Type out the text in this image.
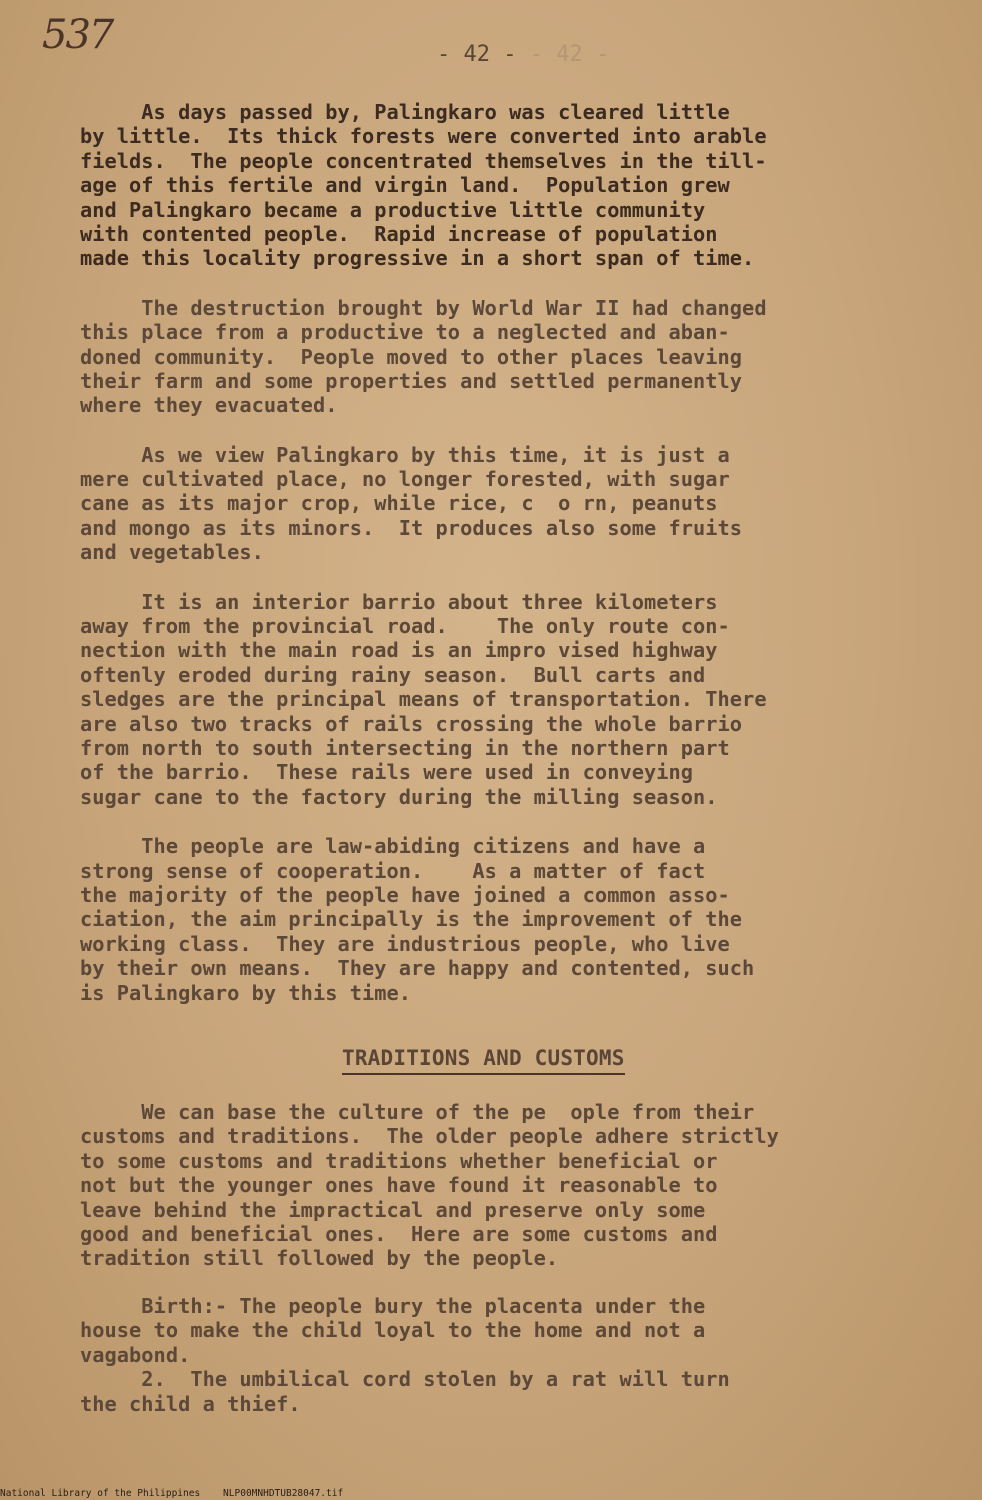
537	- 42 - - 42 -
As days passed by, Palingkaro was cleared little
by little.  Its thick forests were converted into arable
fields.  The people concentrated themselves in the till-
age of this fertile and virgin land.  Population grew
and Palingkaro became a productive little community
with contented people.  Rapid increase of population
made this locality progressive in a short span of time.
The destruction brought by World War II had changed
this place from a productive to a neglected and aban-
doned community.  People moved to other places leaving
their farm and some properties and settled permanently
where they evacuated.
As we view Palingkaro by this time, it is just a
mere cultivated place, no longer forested, with sugar
cane as its major crop, while rice, c  o rn, peanuts
and mongo as its minors.  It produces also some fruits
and vegetables.
It is an interior barrio about three kilometers
away from the provincial road.    The only route con-
nection with the main road is an impro vised highway
oftenly eroded during rainy season.  Bull carts and
sledges are the principal means of transportation. There
are also two tracks of rails crossing the whole barrio
from north to south intersecting in the northern part
of the barrio.  These rails were used in conveying
sugar cane to the factory during the milling season.
The people are law-abiding citizens and have a
strong sense of cooperation.    As a matter of fact
the majority of the people have joined a common asso-
ciation, the aim principally is the improvement of the
working class.  They are industrious people, who live
by their own means.  They are happy and contented, such
is Palingkaro by this time.
TRADITIONS AND CUSTOMS
We can base the culture of the pe  ople from their
customs and traditions.  The older people adhere strictly
to some customs and traditions whether beneficial or
not but the younger ones have found it reasonable to
leave behind the impractical and preserve only some
good and beneficial ones.  Here are some customs and
tradition still followed by the people.
Birth:- The people bury the placenta under the
house to make the child loyal to the home and not a
vagabond.
2.  The umbilical cord stolen by a rat will turn
the child a thief.
National Library of the Philippines    NLP00MNHDTUB28047.tif
